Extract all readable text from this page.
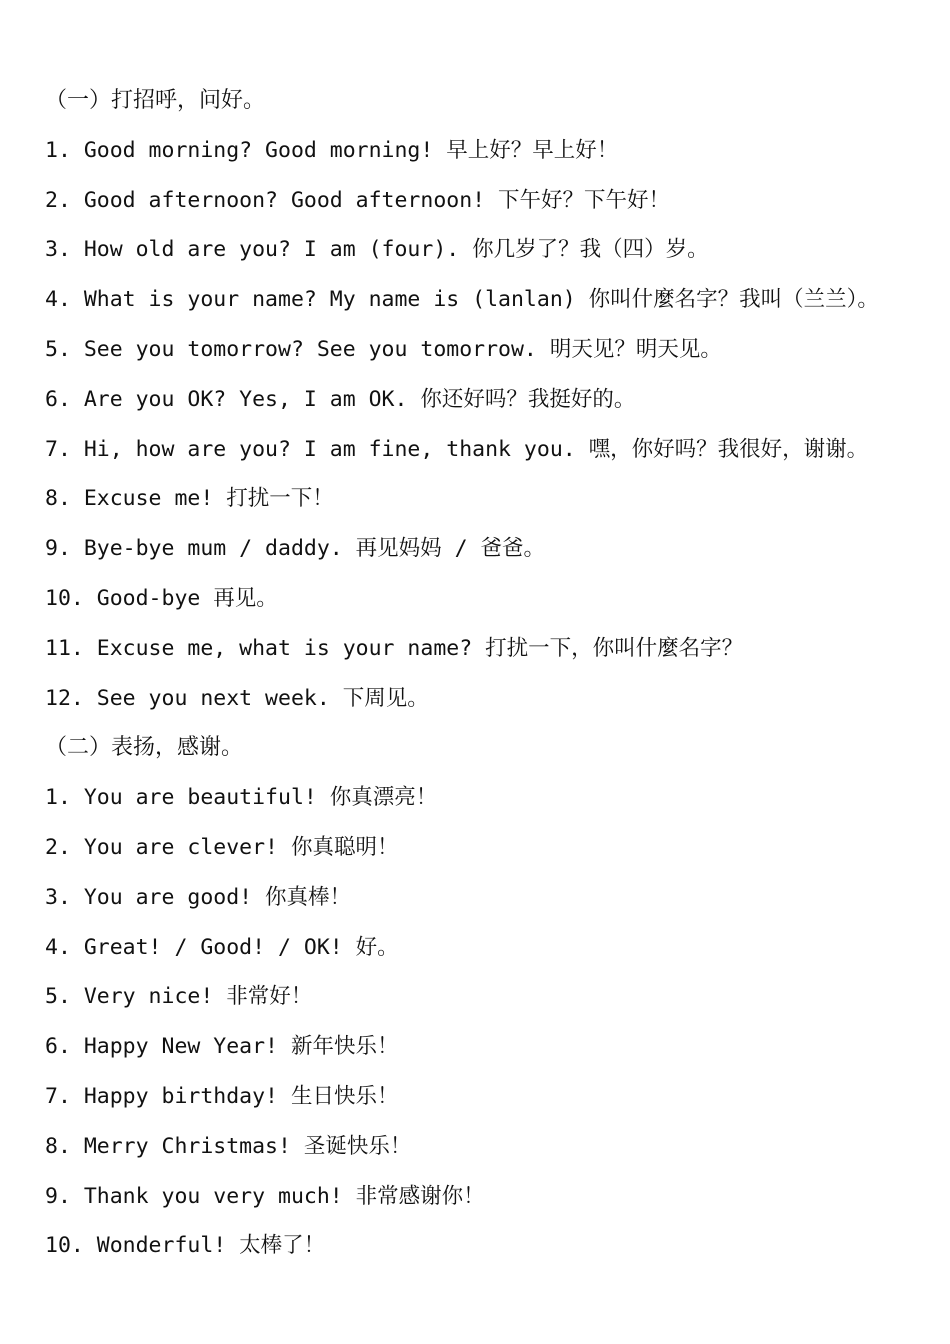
（一）打招呼，问好。
1. Good morning? Good morning! 早上好？早上好！
2. Good afternoon? Good afternoon! 下午好？下午好！
3. How old are you? I am (four). 你几岁了？我（四）岁。
4. What is your name? My name is (lanlan) 你叫什麼名字？我叫（兰兰）。
5. See you tomorrow? See you tomorrow. 明天见？明天见。
6. Are you OK? Yes, I am OK. 你还好吗？我挺好的。
7. Hi, how are you? I am fine, thank you. 嘿，你好吗？我很好，谢谢。
8. Excuse me! 打扰一下！
9. Bye-bye mum / daddy. 再见妈妈 / 爸爸。
10. Good-bye 再见。
11. Excuse me, what is your name? 打扰一下，你叫什麼名字？
12. See you next week. 下周见。
（二）表扬，感谢。
1. You are beautiful! 你真漂亮！
2. You are clever! 你真聪明！
3. You are good! 你真棒！
4. Great! / Good! / OK! 好。
5. Very nice! 非常好！
6. Happy New Year! 新年快乐！
7. Happy birthday! 生日快乐！
8. Merry Christmas! 圣诞快乐！
9. Thank you very much! 非常感谢你！
10. Wonderful! 太棒了！
